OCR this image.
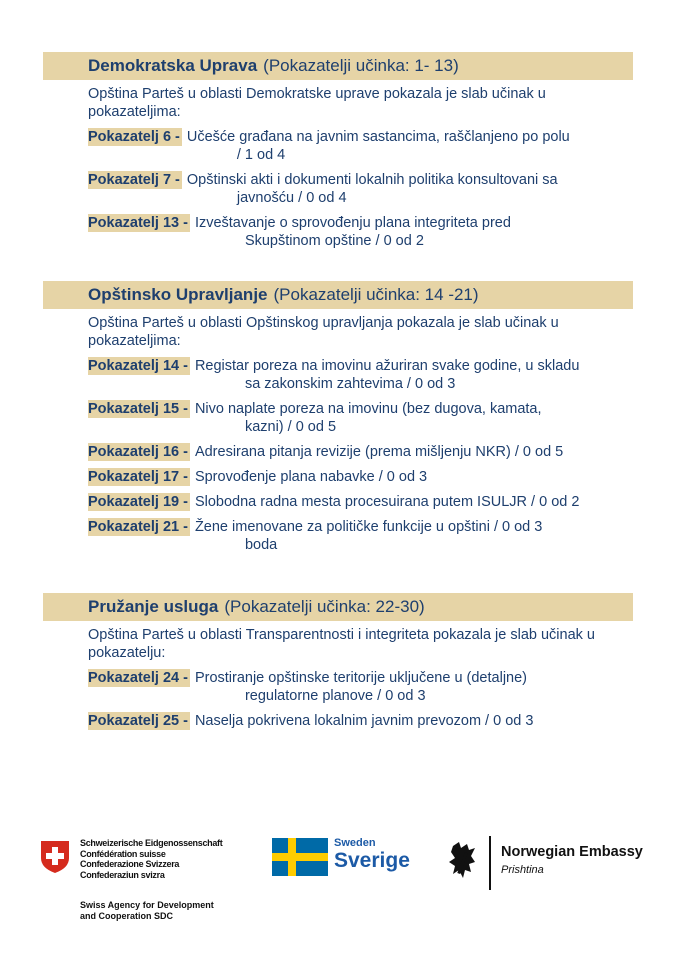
Demokratska Uprava (Pokazatelji učinka: 1- 13)
Opština Parteš u oblasti Demokratske uprave pokazala je slab učinak u pokazateljima:
Pokazatelj 6 - Učešće građana na javnim sastancima, raščlanjeno po polu
/ 1 od 4
Pokazatelj 7 - Opštinski akti i dokumenti lokalnih politika konsultovani sa
javnošću / 0 od 4
Pokazatelj 13 - Izveštavanje o sprovođenju plana integriteta pred
Skupštinom opštine / 0 od 2
Opštinsko Upravljanje (Pokazatelji učinka: 14 -21)
Opština Parteš u oblasti Opštinskog upravljanja pokazala je slab učinak u pokazateljima:
Pokazatelj 14 - Registar poreza na imovinu ažuriran svake godine, u skladu
sa zakonskim zahtevima / 0 od 3
Pokazatelj 15 - Nivo naplate poreza na imovinu (bez dugova, kamata,
kazni) / 0 od 5
Pokazatelj 16 - Adresirana pitanja revizije (prema mišljenju NKR) / 0 od 5
Pokazatelj 17 - Sprovođenje plana nabavke / 0 od 3
Pokazatelj 19 - Slobodna radna mesta procesuirana putem ISULJR / 0 od 2
Pokazatelj 21 - Žene imenovane za političke funkcije u opštini / 0 od 3
boda
Pružanje usluga (Pokazatelji učinka: 22-30)
Opština Parteš u oblasti Transparentnosti i integriteta pokazala je slab učinak u pokazatelju:
Pokazatelj 24 - Prostiranje opštinske teritorije uključene u (detaljne)
regulatorne planove / 0 od 3
Pokazatelj 25 - Naselja pokrivena lokalnim javnim prevozom / 0 od 3
Schweizerische Eidgenossenschaft
Confédération suisse
Confederazione Svizzera
Confederaziun svizra
Swiss Agency for Development
and Cooperation SDC
Sweden
Sverige	Norwegian Embassy
Prishtina
